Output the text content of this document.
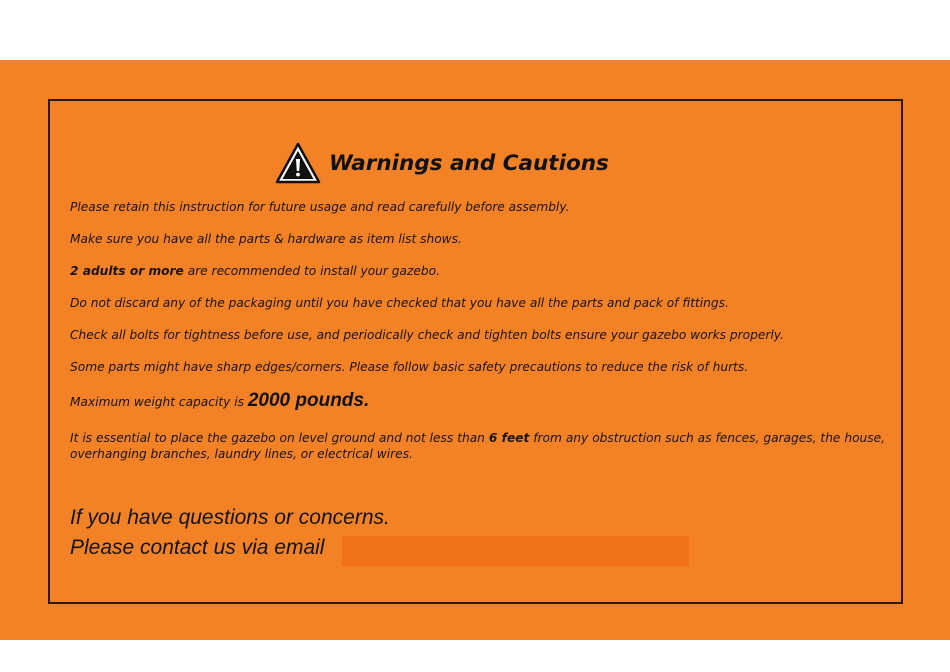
Warnings and Cautions
Please retain this instruction for future usage and read carefully before assembly.
Make sure you have all the parts & hardware as item list shows.
2 adults or more are recommended to install your gazebo.
Do not discard any of the packaging until you have checked that you have all the parts and pack of fittings.
Check all bolts for tightness before use, and periodically check and tighten bolts ensure your gazebo works properly.
Some parts might have sharp edges/corners. Please follow basic safety precautions to reduce the risk of hurts.
Maximum weight capacity is 2000 pounds.
It is essential to place the gazebo on level ground and not less than 6 feet from any obstruction such as fences, garages, the house, overhanging branches, laundry lines, or electrical wires.
If you have questions or concerns.
Please contact us via email
